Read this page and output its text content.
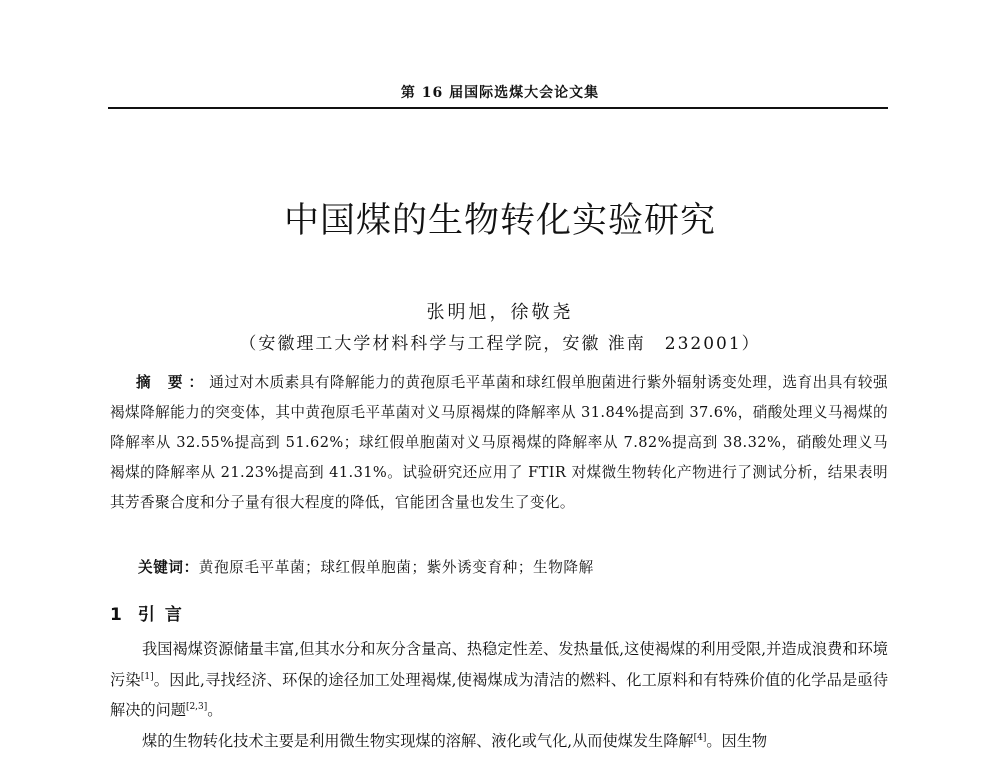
第 16 届国际选煤大会论文集
中国煤的生物转化实验研究
张明旭，徐敬尧
（安徽理工大学材料科学与工程学院，安徽 淮南　232001）

摘 要：通过对木质素具有降解能力的黄孢原毛平革菌和球红假单胞菌进行紫外辐射诱变处理，选育出具有较强褐煤降解能力的突变体，其中黄孢原毛平革菌对义马原褐煤的降解率从 31.84%提高到 37.6%，硝酸处理义马褐煤的降解率从 32.55%提高到 51.62%；球红假单胞菌对义马原褐煤的降解率从 7.82%提高到 38.32%，硝酸处理义马褐煤的降解率从 21.23%提高到 41.31%。试验研究还应用了 FTIR 对煤微生物转化产物进行了测试分析，结果表明其芳香聚合度和分子量有很大程度的降低，官能团含量也发生了变化。

关键词：黄孢原毛平革菌；球红假单胞菌；紫外诱变育种；生物降解

1 引言

我国褐煤资源储量丰富,但其水分和灰分含量高、热稳定性差、发热量低,这使褐煤的利用受限,并造成浪费和环境污染[1]。因此,寻找经济、环保的途径加工处理褐煤,使褐煤成为清洁的燃料、化工原料和有特殊价值的化学品是亟待解决的问题[2,3]。

煤的生物转化技术主要是利用微生物实现煤的溶解、液化或气化,从而使煤发生降解[4]。因生物
